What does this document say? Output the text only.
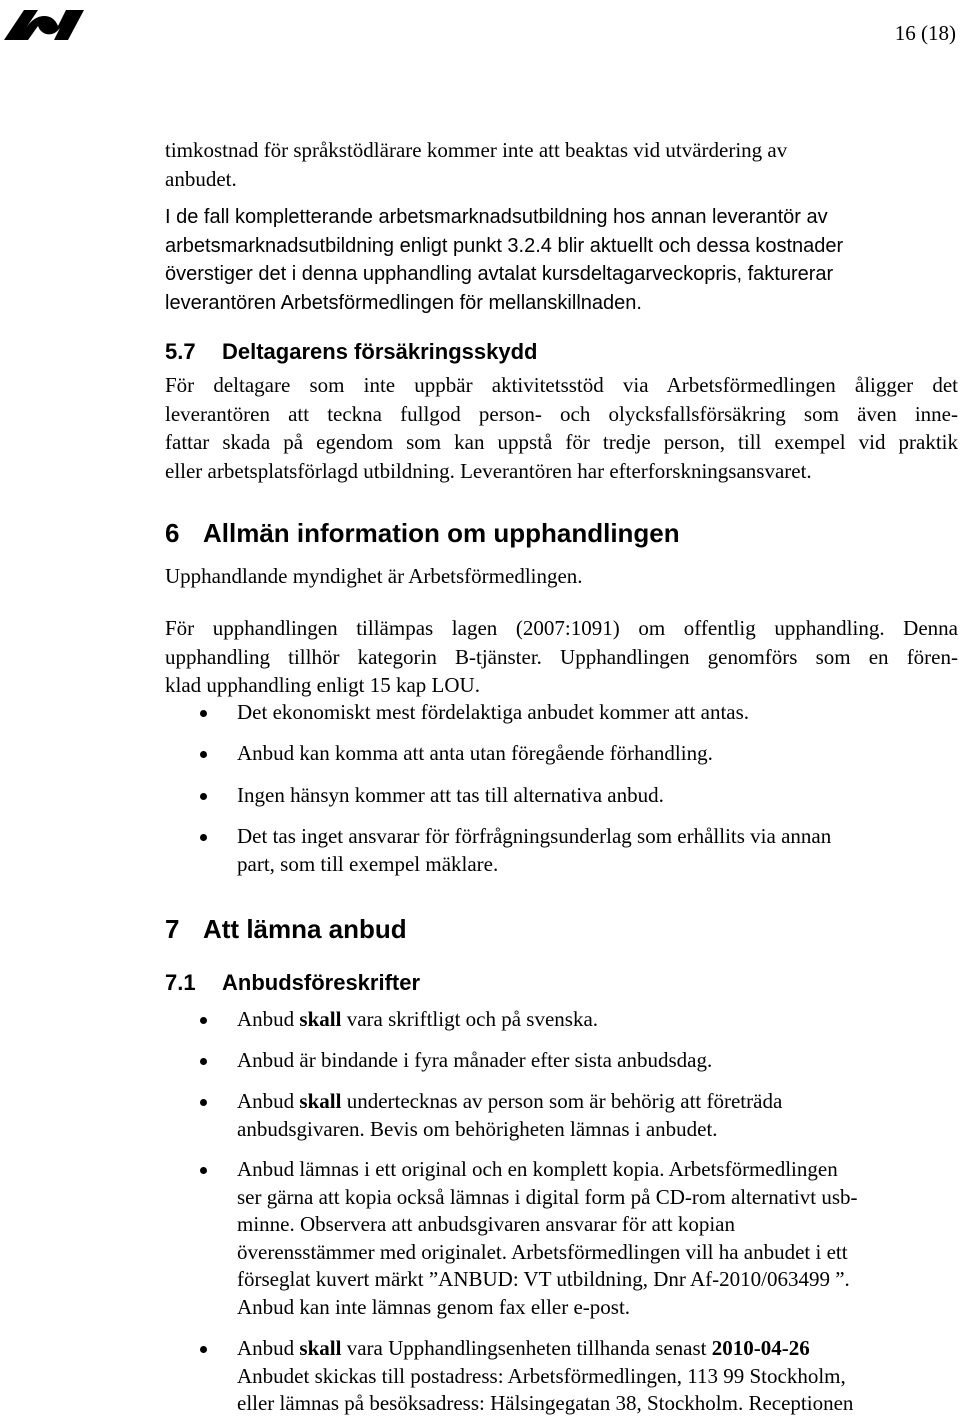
16 (18)
timkostnad för språkstödlärare kommer inte att beaktas vid utvärdering av
anbudet.
I de fall kompletterande arbetsmarknadsutbildning hos annan leverantör av
arbetsmarknadsutbildning enligt punkt 3.2.4 blir aktuellt och dessa kostnader
överstiger det i denna upphandling avtalat kursdeltagarveckopris, fakturerar
leverantören Arbetsförmedlingen för mellanskillnaden.
5.7 Deltagarens försäkringsskydd
För deltagare som inte uppbär aktivitetsstöd via Arbetsförmedlingen åligger det
leverantören att teckna fullgod person- och olycksfallsförsäkring som även inne-
fattar skada på egendom som kan uppstå för tredje person, till exempel vid praktik
eller arbetsplatsförlagd utbildning. Leverantören har efterforskningsansvaret.
6 Allmän information om upphandlingen
Upphandlande myndighet är Arbetsförmedlingen.
För upphandlingen tillämpas lagen (2007:1091) om offentlig upphandling. Denna
upphandling tillhör kategorin B-tjänster. Upphandlingen genomförs som en fören-
klad upphandling enligt 15 kap LOU.
Det ekonomiskt mest fördelaktiga anbudet kommer att antas.
Anbud kan komma att anta utan föregående förhandling.
Ingen hänsyn kommer att tas till alternativa anbud.
Det tas inget ansvarar för förfrågningsunderlag som erhållits via annan
part, som till exempel mäklare.
7 Att lämna anbud
7.1 Anbudsföreskrifter
Anbud skall vara skriftligt och på svenska.
Anbud är bindande i fyra månader efter sista anbudsdag.
Anbud skall undertecknas av person som är behörig att företräda
anbudsgivaren. Bevis om behörigheten lämnas i anbudet.
Anbud lämnas i ett original och en komplett kopia. Arbetsförmedlingen
ser gärna att kopia också lämnas i digital form på CD-rom alternativt usb-
minne. Observera att anbudsgivaren ansvarar för att kopian
överensstämmer med originalet. Arbetsförmedlingen vill ha anbudet i ett
förseglat kuvert märkt ”ANBUD: VT utbildning, Dnr Af-2010/063499 ”.
Anbud kan inte lämnas genom fax eller e-post.
Anbud skall vara Upphandlingsenheten tillhanda senast 2010-04-26
Anbudet skickas till postadress: Arbetsförmedlingen, 113 99 Stockholm,
eller lämnas på besöksadress: Hälsingegatan 38, Stockholm. Receptionen
